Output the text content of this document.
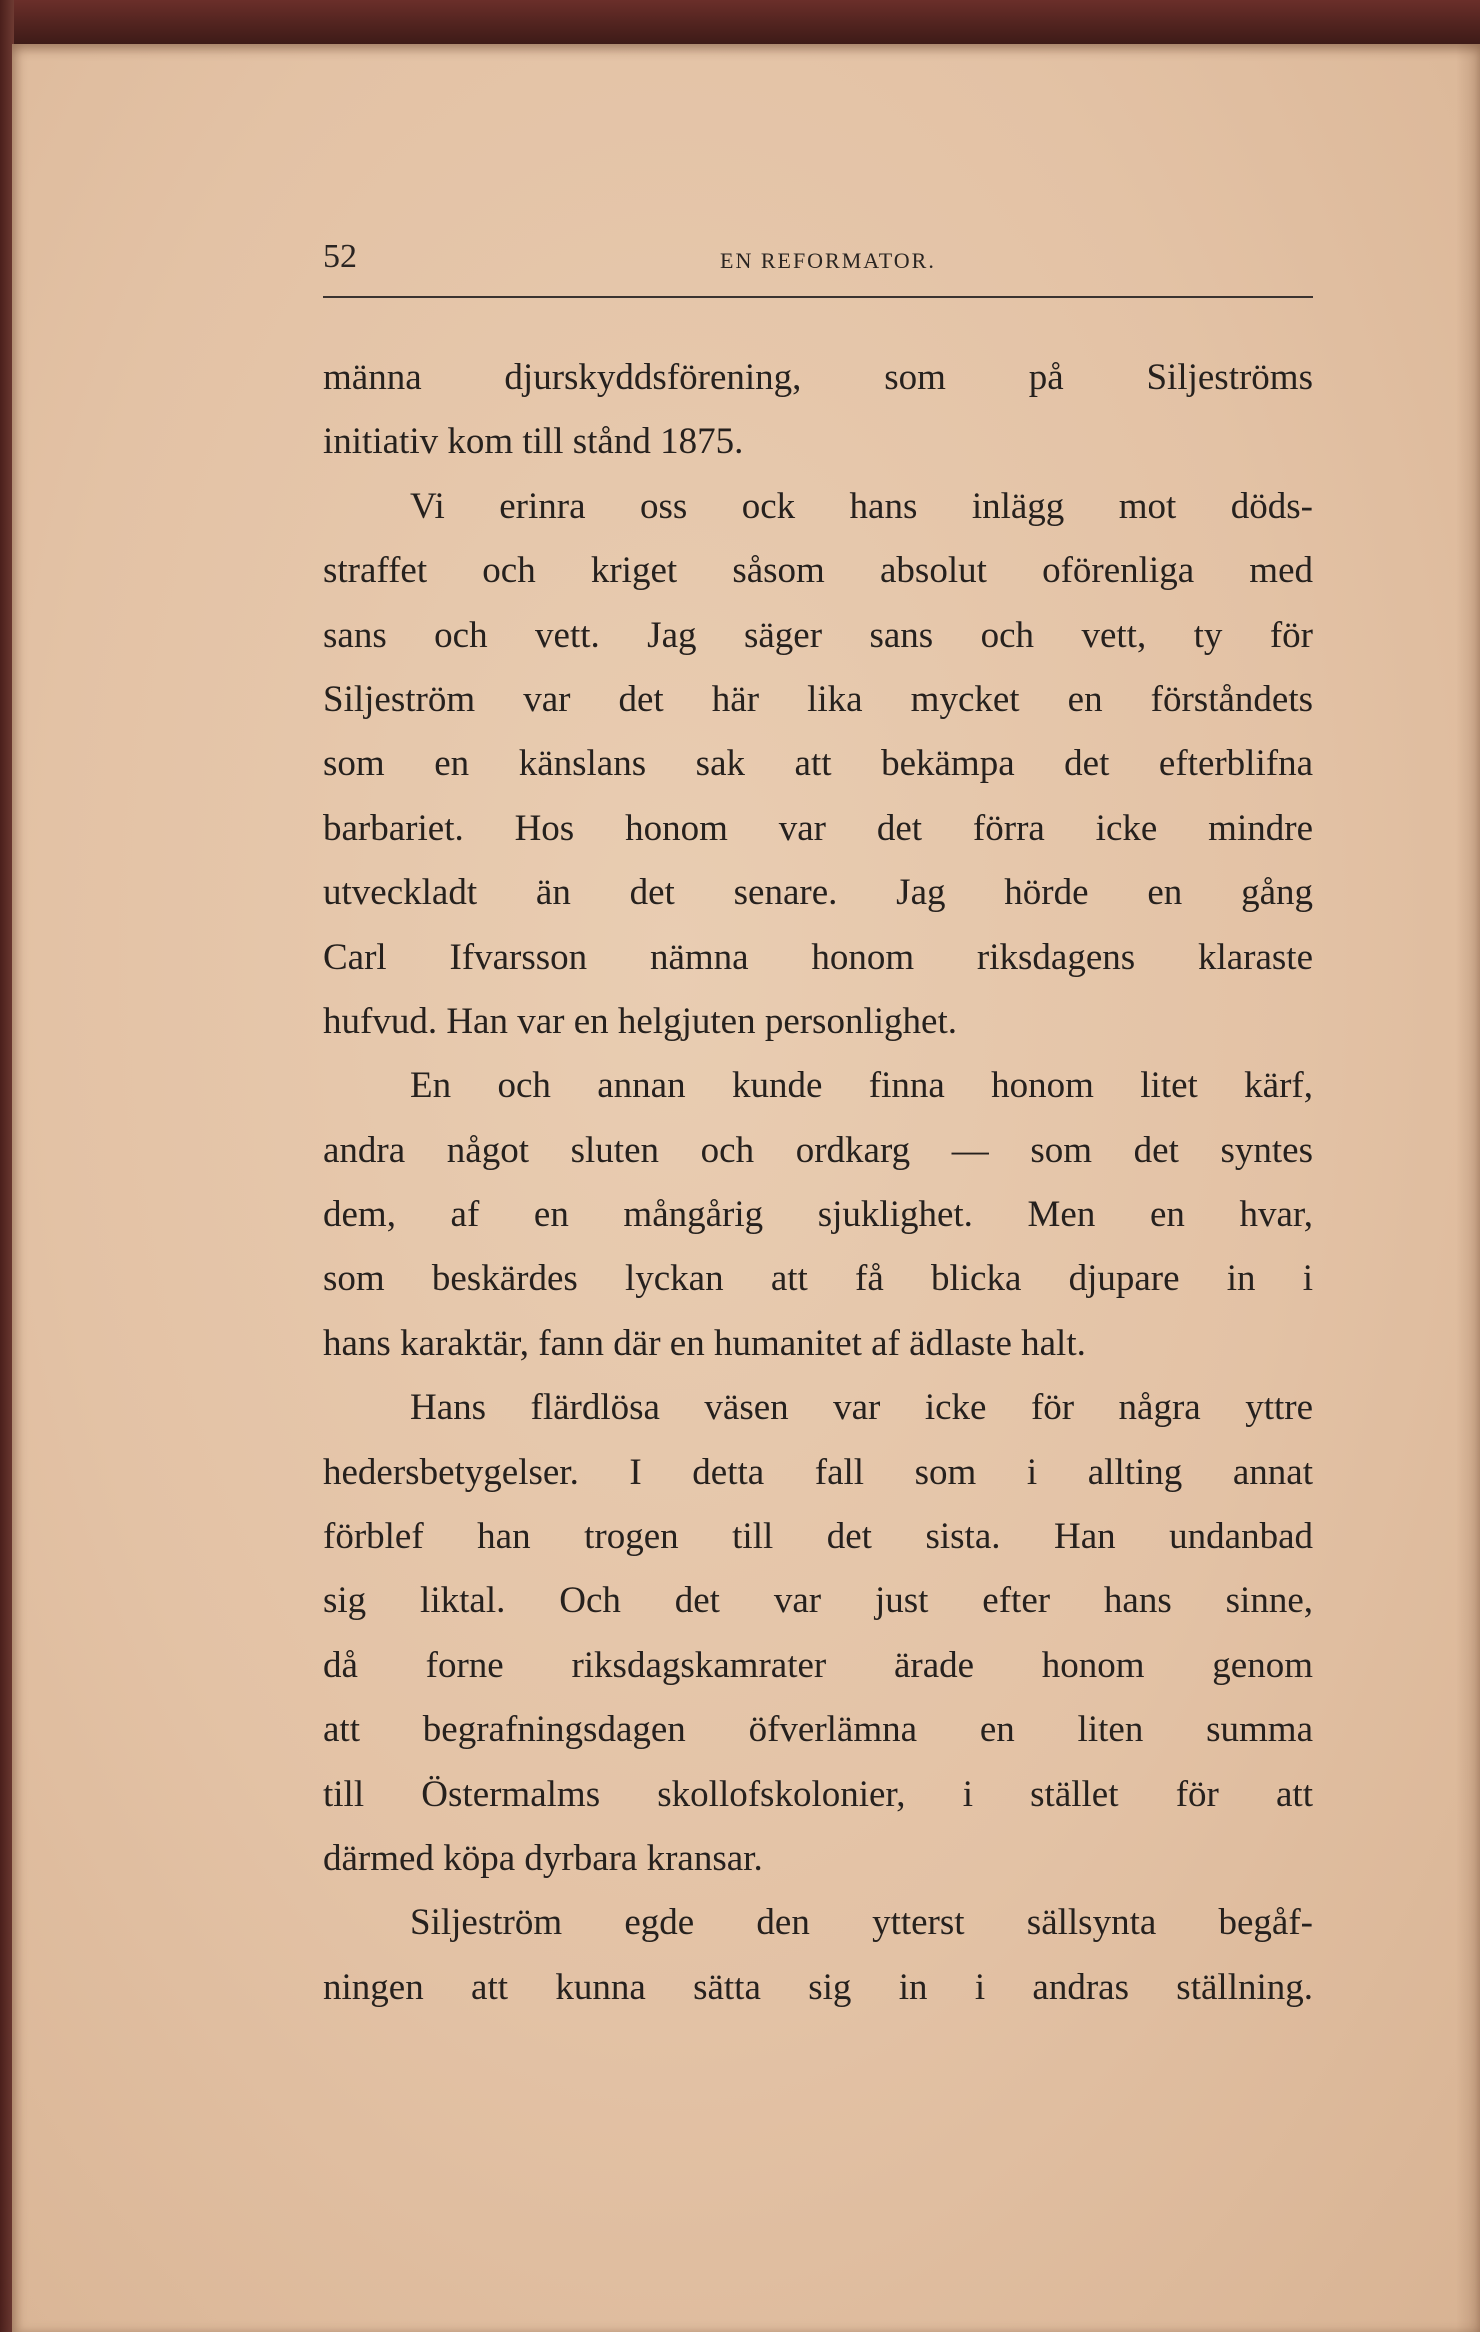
52	EN REFORMATOR.
männa djurskyddsförening, som på Siljeströms
initiativ kom till stånd 1875.
Vi erinra oss ock hans inlägg mot döds-
straffet och kriget såsom absolut oförenliga med
sans och vett. Jag säger sans och vett, ty för
Siljeström var det här lika mycket en förståndets
som en känslans sak att bekämpa det efterblifna
barbariet. Hos honom var det förra icke mindre
utveckladt än det senare. Jag hörde en gång
Carl Ifvarsson nämna honom riksdagens klaraste
hufvud. Han var en helgjuten personlighet.
En och annan kunde finna honom litet kärf,
andra något sluten och ordkarg — som det syntes
dem, af en mångårig sjuklighet. Men en hvar,
som beskärdes lyckan att få blicka djupare in i
hans karaktär, fann där en humanitet af ädlaste halt.
Hans flärdlösa väsen var icke för några yttre
hedersbetygelser. I detta fall som i allting annat
förblef han trogen till det sista. Han undanbad
sig liktal. Och det var just efter hans sinne,
då forne riksdagskamrater ärade honom genom
att begrafningsdagen öfverlämna en liten summa
till Östermalms skollofskolonier, i stället för att
därmed köpa dyrbara kransar.
Siljeström egde den ytterst sällsynta begåf-
ningen att kunna sätta sig in i andras ställning.
